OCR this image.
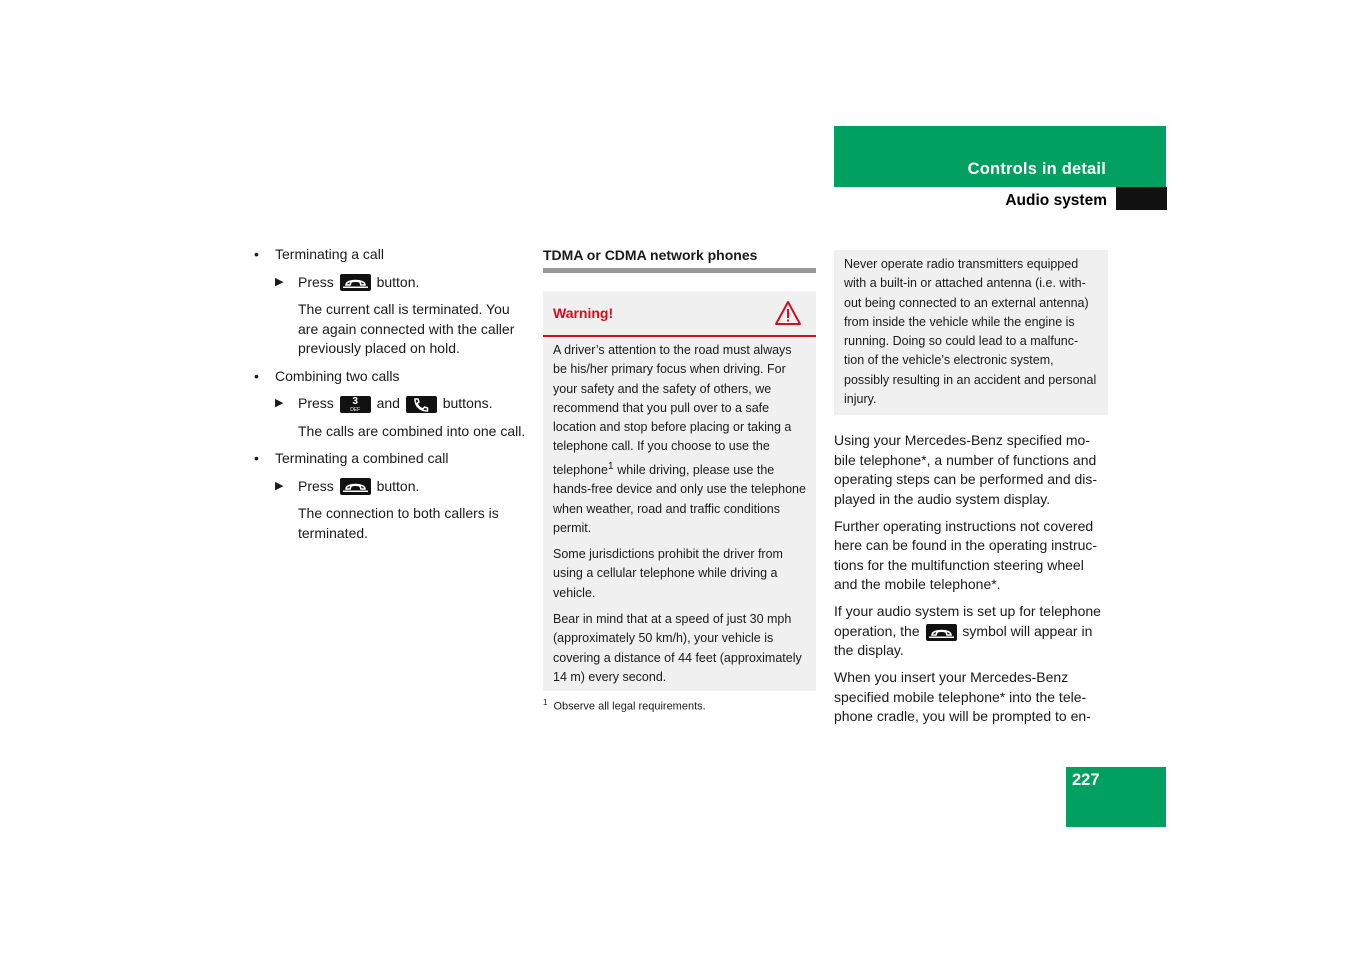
Controls in detail

Audio system

• Terminating a call
▶ Press	button.

The current call is terminated. You are again connected with the caller previously placed on hold.

• Combining two calls
▶ Press	3
DEF	and	buttons.

The calls are combined into one call.

• Terminating a combined call
▶ Press	button.

The connection to both callers is terminated.

TDMA or CDMA network phones

Warning!

A driver’s attention to the road must always be his/her primary focus when driving. For your safety and the safety of others, we recommend that you pull over to a safe location and stop before placing or taking a telephone call. If you choose to use the telephone$^1$ while driving, please use the hands-free device and only use the telephone when weather, road and traffic conditions permit.

Some jurisdictions prohibit the driver from using a cellular telephone while driving a vehicle.

Bear in mind that at a speed of just 30 mph (approximately 50 km/h), your vehicle is covering a distance of 44 feet (approximately 14 m) every second.

$^1$ Observe all legal requirements.

Never operate radio transmitters equipped with a built-in or attached antenna (i.e. with- out being connected to an external antenna) from inside the vehicle while the engine is running. Doing so could lead to a malfunc- tion of the vehicle’s electronic system, possibly resulting in an accident and personal injury.

Using your Mercedes-Benz specified mo- bile telephone*, a number of functions and operating steps can be performed and dis- played in the audio system display.

Further operating instructions not covered here can be found in the operating instruc- tions for the multifunction steering wheel and the mobile telephone*.

If your audio system is set up for telephone operation, the	symbol will appear in the display.

When you insert your Mercedes-Benz specified mobile telephone* into the tele- phone cradle, you will be prompted to en-

227
